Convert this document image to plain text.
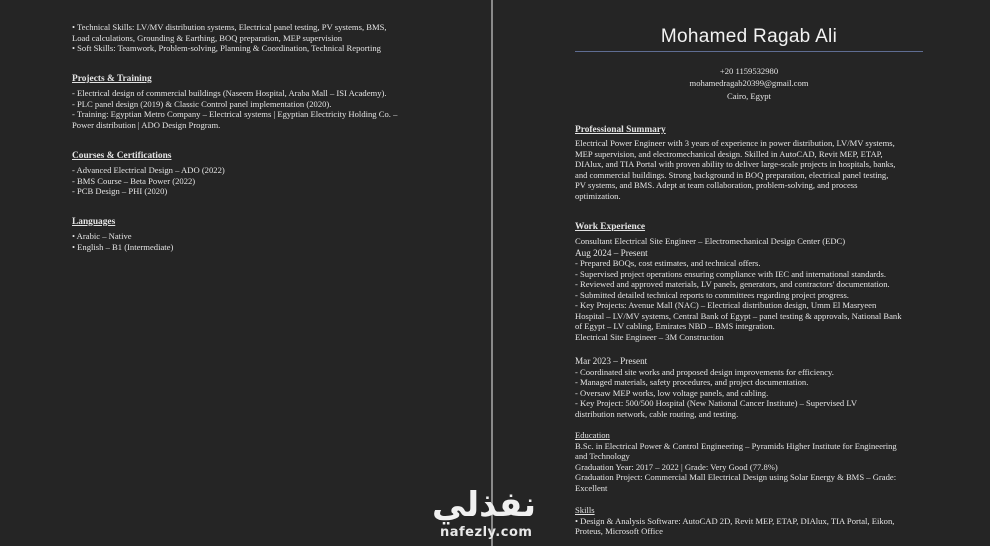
• Technical Skills: LV/MV distribution systems, Electrical panel testing, PV systems, BMS,
Load calculations, Grounding & Earthing, BOQ preparation, MEP supervision
• Soft Skills: Teamwork, Problem-solving, Planning & Coordination, Technical Reporting
Projects & Training
- Electrical design of commercial buildings (Naseem Hospital, Araba Mall – ISI Academy).
- PLC panel design (2019) & Classic Control panel implementation (2020).
- Training: Egyptian Metro Company – Electrical systems | Egyptian Electricity Holding Co. –
Power distribution | ADO Design Program.
Courses & Certifications
- Advanced Electrical Design – ADO (2022)
- BMS Course – Beta Power (2022)
- PCB Design – PHI (2020)
Languages
• Arabic – Native
• English – B1 (Intermediate)
Mohamed Ragab Ali
+20 1159532980
mohamedragab20399@gmail.com
Cairo, Egypt
Professional Summary
Electrical Power Engineer with 3 years of experience in power distribution, LV/MV systems,
MEP supervision, and electromechanical design. Skilled in AutoCAD, Revit MEP, ETAP,
DIAlux, and TIA Portal with proven ability to deliver large-scale projects in hospitals, banks,
and commercial buildings. Strong background in BOQ preparation, electrical panel testing,
PV systems, and BMS. Adept at team collaboration, problem-solving, and process
optimization.
Work Experience
Consultant Electrical Site Engineer – Electromechanical Design Center (EDC)
Aug 2024 – Present
- Prepared BOQs, cost estimates, and technical offers.
- Supervised project operations ensuring compliance with IEC and international standards.
- Reviewed and approved materials, LV panels, generators, and contractors' documentation.
- Submitted detailed technical reports to committees regarding project progress.
- Key Projects: Avenue Mall (NAC) – Electrical distribution design, Umm El Masryeen
Hospital – LV/MV systems, Central Bank of Egypt – panel testing & approvals, National Bank
of Egypt – LV cabling, Emirates NBD – BMS integration.
Electrical Site Engineer – 3M Construction
Mar 2023 – Present
- Coordinated site works and proposed design improvements for efficiency.
- Managed materials, safety procedures, and project documentation.
- Oversaw MEP works, low voltage panels, and cabling.
- Key Project: 500/500 Hospital (New National Cancer Institute) – Supervised LV
distribution network, cable routing, and testing.
Education
B.Sc. in Electrical Power & Control Engineering – Pyramids Higher Institute for Engineering
and Technology
Graduation Year: 2017 – 2022 | Grade: Very Good (77.8%)
Graduation Project: Commercial Mall Electrical Design using Solar Energy & BMS – Grade:
Excellent
Skills
• Design & Analysis Software: AutoCAD 2D, Revit MEP, ETAP, DIAlux, TIA Portal, Eikon,
Proteus, Microsoft Office
نفذلي
nafezly.com
